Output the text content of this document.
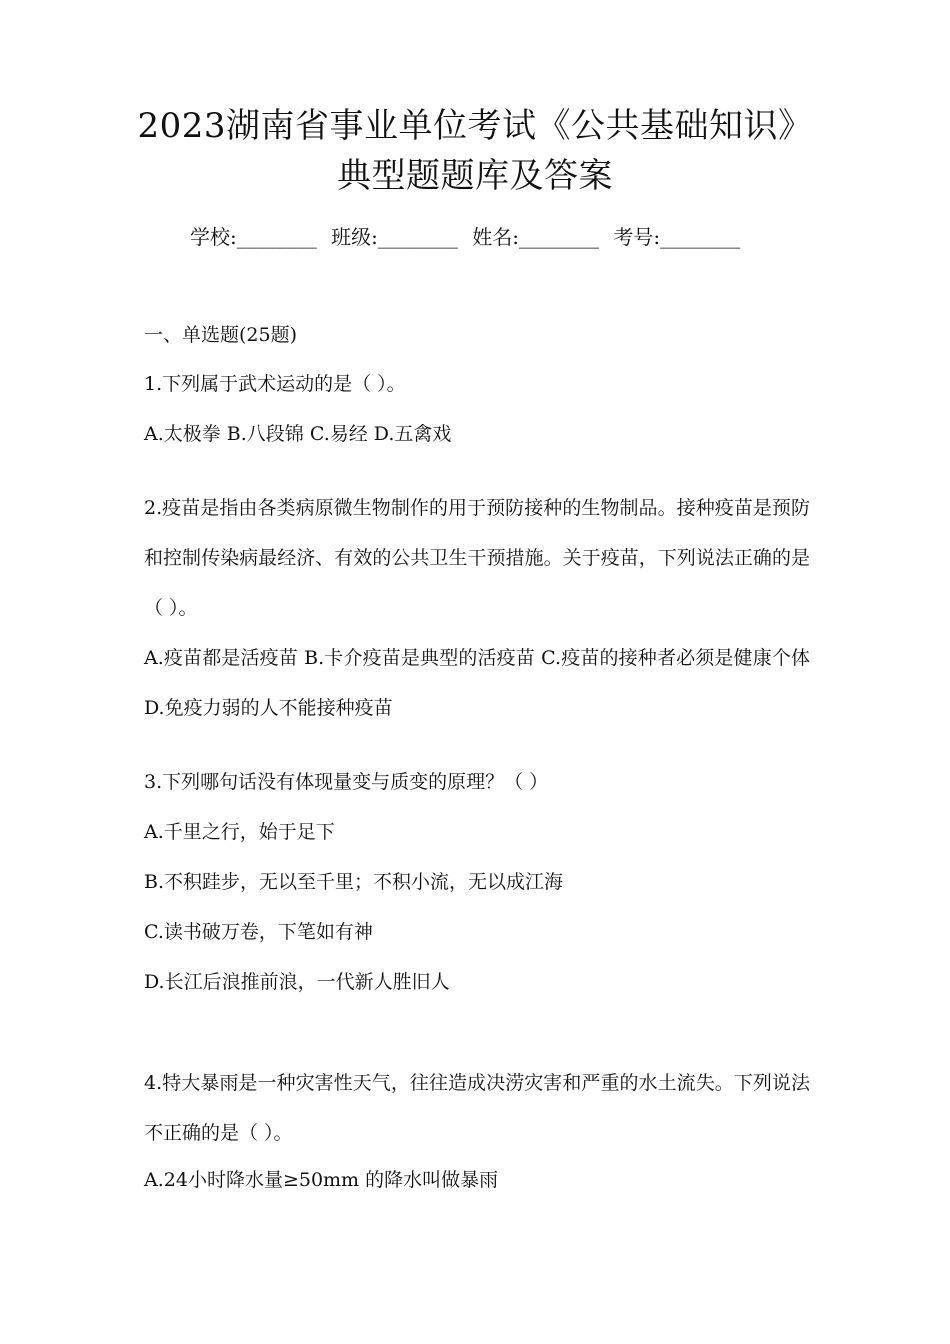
2023湖南省事业单位考试《公共基础知识》
典型题题库及答案
学校:________ 班级:________ 姓名:________ 考号:________
一、单选题(25题)
1.下列属于武术运动的是（ ）。
A.太极拳 B.八段锦 C.易经 D.五禽戏
2.疫苗是指由各类病原微生物制作的用于预防接种的生物制品。接种疫苗是预防和控制传染病最经济、有效的公共卫生干预措施。关于疫苗，下列说法正确的是（ ）。
A.疫苗都是活疫苗 B.卡介疫苗是典型的活疫苗 C.疫苗的接种者必须是健康个体 D.免疫力弱的人不能接种疫苗
3.下列哪句话没有体现量变与质变的原理？（ ）
A.千里之行，始于足下
B.不积跬步，无以至千里；不积小流，无以成江海
C.读书破万卷，下笔如有神
D.长江后浪推前浪，一代新人胜旧人
4.特大暴雨是一种灾害性天气，往往造成决涝灾害和严重的水土流失。下列说法不正确的是（ ）。
A.24小时降水量≥50mm 的降水叫做暴雨
